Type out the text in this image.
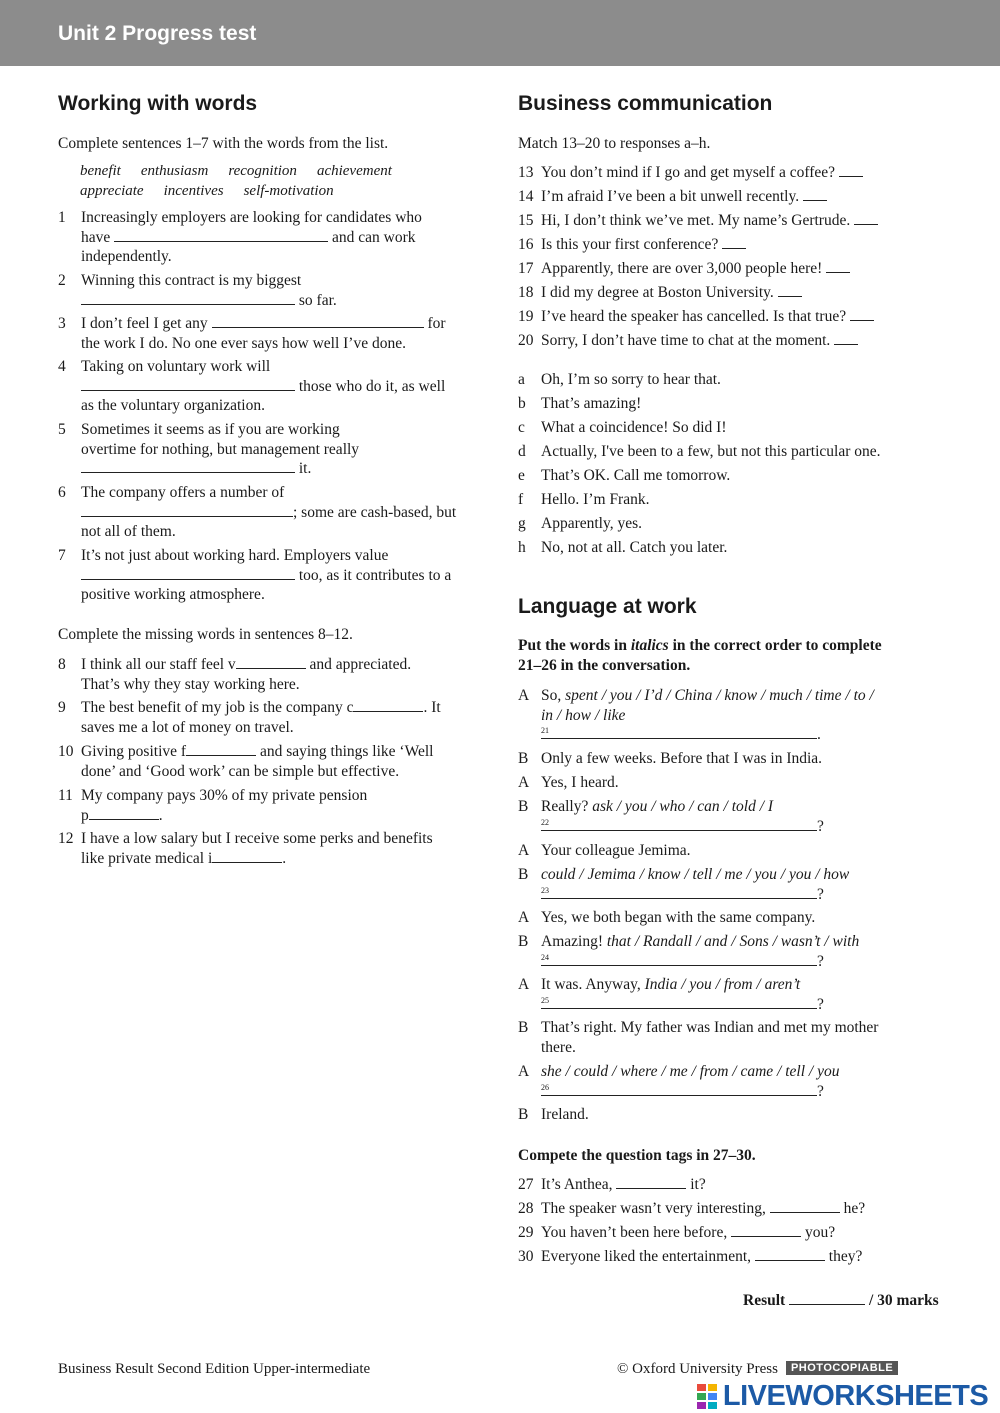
Unit 2 Progress test
Working with words
Complete sentences 1–7 with the words from the list.
benefit enthusiasm recognition achievement
appreciate incentives self-motivation
1 Increasingly employers are looking for candidates who
have	and can work
independently.
2 Winning this contract is my biggest
so far.
3 I don’t feel I get any	for
the work I do. No one ever says how well I’ve done.
4 Taking on voluntary work will
those who do it, as well
as the voluntary organization.
5 Sometimes it seems as if you are working
overtime for nothing, but management really
it.
6 The company offers a number of
; some are cash-based, but
not all of them.
7 It’s not just about working hard. Employers value
too, as it contributes to a
positive working atmosphere.
Complete the missing words in sentences 8–12.
8 I think all our staff feel v	and appreciated.
That’s why they stay working here.
9 The best benefit of my job is the company c	. It
saves me a lot of money on travel.
10 Giving positive f	and saying things like ‘Well
done’ and ‘Good work’ can be simple but effective.
11 My company pays 30% of my private pension
p	.
12 I have a low salary but I receive some perks and benefits
like private medical i	.
Business communication
Match 13–20 to responses a–h.
13 You don’t mind if I go and get myself a coffee?
14 I’m afraid I’ve been a bit unwell recently.
15 Hi, I don’t think we’ve met. My name’s Gertrude.
16 Is this your first conference?
17 Apparently, there are over 3,000 people here!
18 I did my degree at Boston University.
19 I’ve heard the speaker has cancelled. Is that true?
20 Sorry, I don’t have time to chat at the moment.
a Oh, I’m so sorry to hear that.
b That’s amazing!
c What a coincidence! So did I!
d Actually, I've been to a few, but not this particular one.
e That’s OK. Call me tomorrow.
f Hello. I’m Frank.
g Apparently, yes.
h No, not at all. Catch you later.
Language at work
Put the words in italics in the correct order to complete
21–26 in the conversation.
A So, spent / you / I’d / China / know / much / time / to /
in / how / like
21	.
B Only a few weeks. Before that I was in India.
A Yes, I heard.
B Really? ask / you / who / can / told / I
22	?
A Your colleague Jemima.
B could / Jemima / know / tell / me / you / you / how
23	?
A Yes, we both began with the same company.
B Amazing! that / Randall / and / Sons / wasn’t / with
24	?
A It was. Anyway, India / you / from / aren’t
25	?
B That’s right. My father was Indian and met my mother
there.
A she / could / where / me / from / came / tell / you
26	?
B Ireland.
Compete the question tags in 27–30.
27 It’s Anthea,	it?
28 The speaker wasn’t very interesting,	he?
29 You haven’t been here before,	you?
30 Everyone liked the entertainment,	they?
Result	/ 30 marks
Business Result Second Edition Upper-intermediate	© Oxford University Press PHOTOCOPIABLE
LIVEWORKSHEETS
